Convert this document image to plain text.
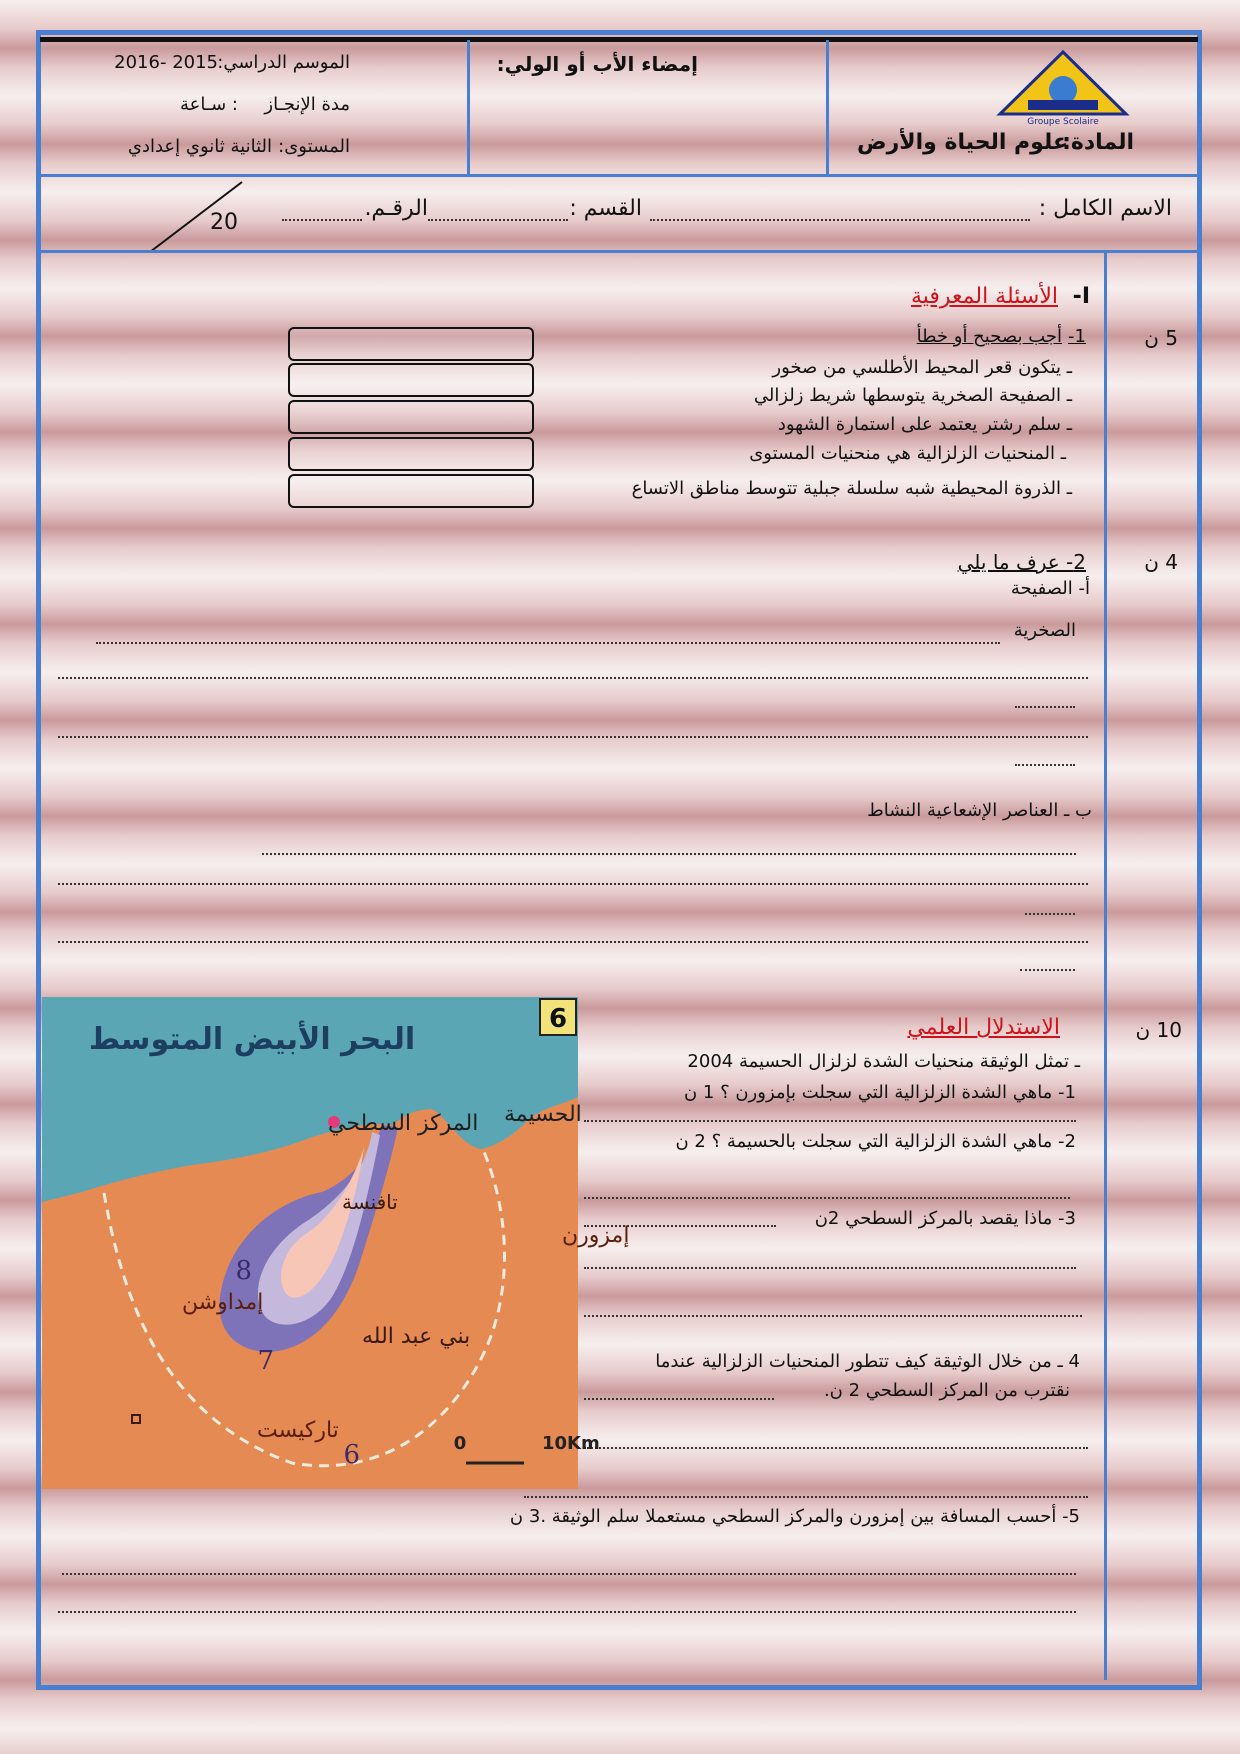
Groupe Scolaire
المادة:
علوم الحياة والأرض
إمضاء الأب أو الولي:
الموسم الدراسي:
2015 -2016
مدة الإنجـاز
: سـاعة
المستوى:
الثانية ثانوي إعدادي
الاسم الكامل :
القسم :
الرقـم.
20
I-
الأسئلة المعرفية
5 ن
1-
أجب بصحيح أو خطأ
ـ يتكون قعر المحيط الأطلسي من صخور
ـ الصفيحة الصخرية يتوسطها شريط زلزالي
ـ سلم رشتر يعتمد على استمارة الشهود
ـ المنحنيات الزلزالية هي منحنيات المستوى
ـ الذروة المحيطية شبه سلسلة جبلية تتوسط مناطق الاتساع
4 ن
2- عرف ما يلي
أ- الصفيحة
الصخرية
ب ـ العناصر الإشعاعية النشاط
10 ن
الاستدلال العلمي
ـ تمثل الوثيقة منحنيات الشدة لزلزال الحسيمة 2004
1- ماهي الشدة الزلزالية التي سجلت بإمزورن ؟ 1 ن
2- ماهي الشدة الزلزالية التي سجلت بالحسيمة ؟ 2 ن
3- ماذا يقصد بالمركز السطحي 2ن
4 ـ من خلال الوثيقة كيف تتطور المنحنيات الزلزالية عندما
نقترب من المركز السطحي 2 ن.
5- أحسب المسافة بين إمزورن والمركز السطحي مستعملا سلم الوثيقة .3 ن
6
البحر الأبيض المتوسط
المركز السطحي الحسيمة
إمزورن
إمداوشن
تافنسة
بني عبد الله
تاركيست
8
7
6	0	10Km
